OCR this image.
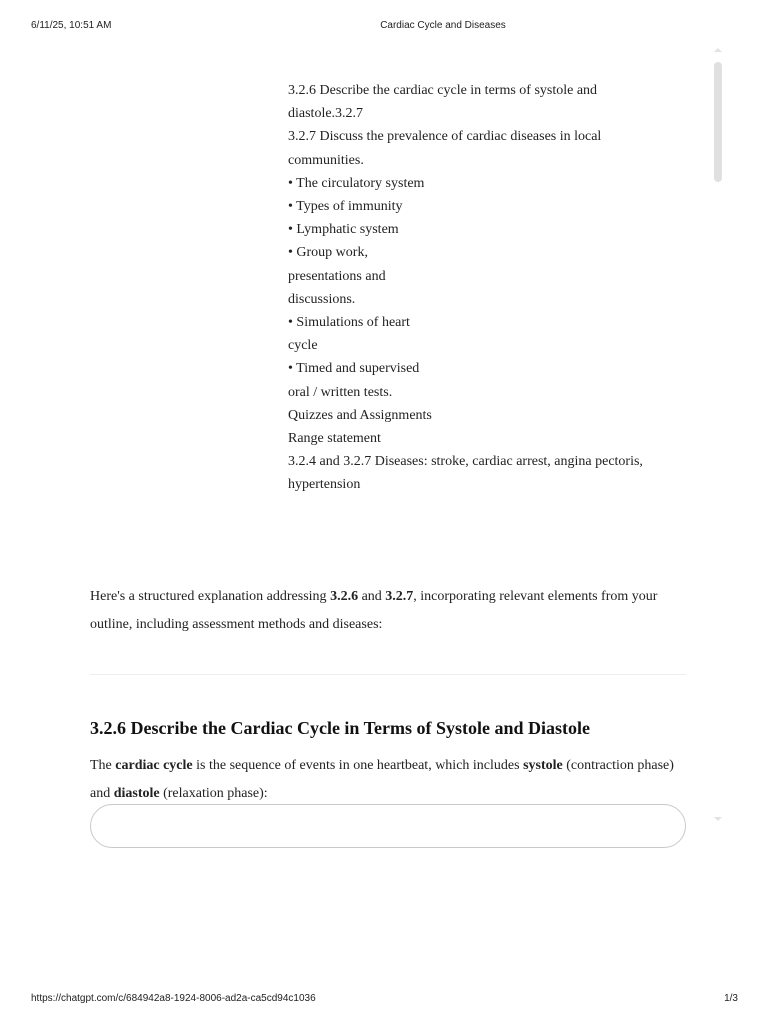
6/11/25, 10:51 AM	Cardiac Cycle and Diseases
3.2.6 Describe the cardiac cycle in terms of systole and
diastole.3.2.7
3.2.7 Discuss the prevalence of cardiac diseases in local
communities.
• The circulatory system
• Types of immunity
• Lymphatic system
• Group work,
presentations and
discussions.
• Simulations of heart
cycle
• Timed and supervised
oral / written tests.
Quizzes and Assignments
Range statement
3.2.4 and 3.2.7 Diseases: stroke, cardiac arrest, angina pectoris,
hypertension
Here's a structured explanation addressing 3.2.6 and 3.2.7, incorporating relevant elements from your outline, including assessment methods and diseases:
3.2.6 Describe the Cardiac Cycle in Terms of Systole and Diastole
The cardiac cycle is the sequence of events in one heartbeat, which includes systole (contraction phase) and diastole (relaxation phase):
https://chatgpt.com/c/684942a8-1924-8006-ad2a-ca5cd94c1036	1/3
